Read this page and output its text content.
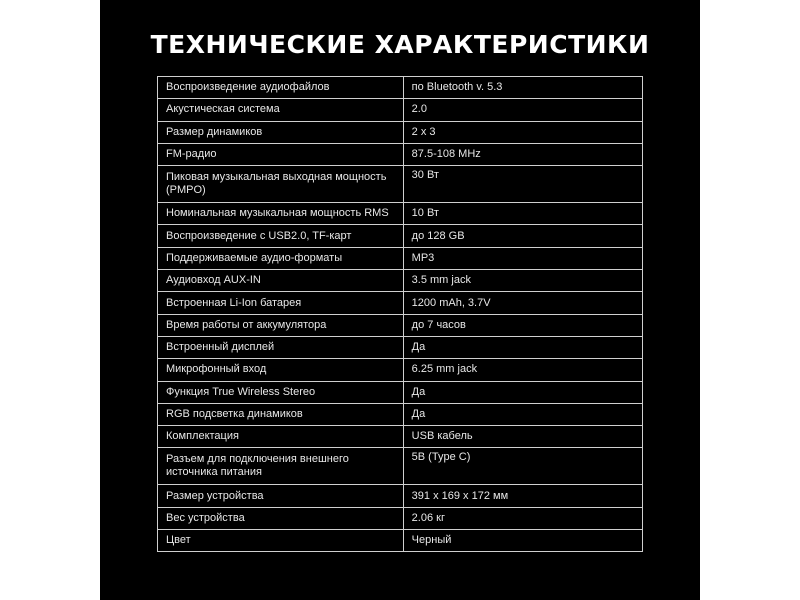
ТЕХНИЧЕСКИЕ ХАРАКТЕРИСТИКИ
Воспроизведение аудиофайлов	по Bluetooth v. 5.3
Акустическая система	2.0
Размер динамиков	2 x 3
FM-радио	87.5-108 MHz
Пиковая музыкальная выходная мощность (PMPO)	30 Вт
Номинальная музыкальная мощность RMS	10 Вт
Воспроизведение с USB2.0, TF-карт	до 128 GB
Поддерживаемые аудио-форматы	MP3
Аудиовход AUX-IN	3.5 mm jack
Встроенная Li-Ion батарея	1200 mAh, 3.7V
Время работы от аккумулятора	до 7 часов
Встроенный дисплей	Да
Микрофонный вход	6.25 mm jack
Функция True Wireless Stereo	Да
RGB подсветка динамиков	Да
Комплектация	USB кабель
Разъем для подключения внешнего источника питания	5В (Type C)
Размер устройства	391 x 169 x 172 мм
Вес устройства	2.06 кг
Цвет	Черный
